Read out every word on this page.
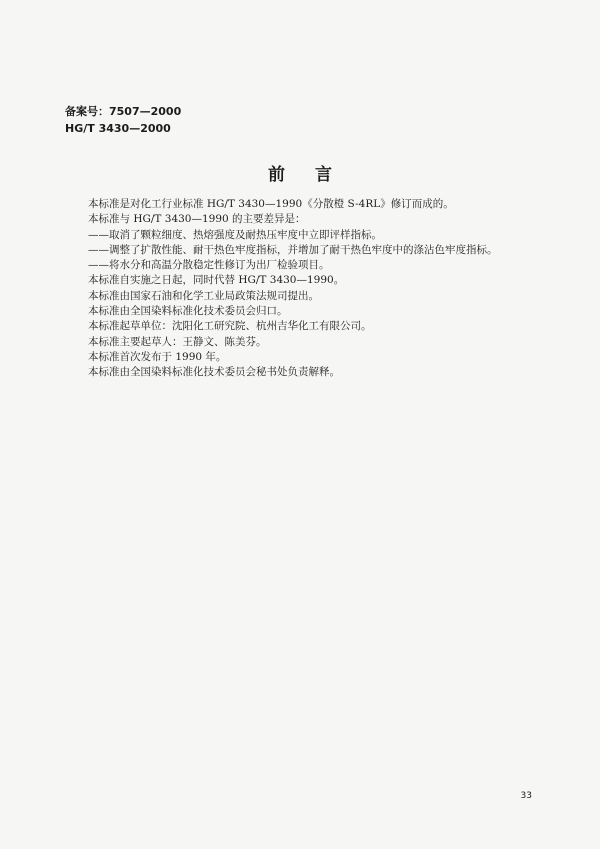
备案号：7507—2000
HG/T 3430—2000
前言
本标准是对化工行业标准 HG/T 3430—1990《分散橙 S-4RL》修订而成的。
本标准与 HG/T 3430—1990 的主要差异是：
——取消了颗粒细度、热熔强度及耐热压牢度中立即评样指标。
——调整了扩散性能、耐干热色牢度指标，并增加了耐干热色牢度中的涤沾色牢度指标。
——将水分和高温分散稳定性修订为出厂检验项目。
本标准自实施之日起，同时代替 HG/T 3430—1990。
本标准由国家石油和化学工业局政策法规司提出。
本标准由全国染料标准化技术委员会归口。
本标准起草单位：沈阳化工研究院、杭州吉华化工有限公司。
本标准主要起草人：王静文、陈美芬。
本标准首次发布于 1990 年。
本标准由全国染料标准化技术委员会秘书处负责解释。
33
